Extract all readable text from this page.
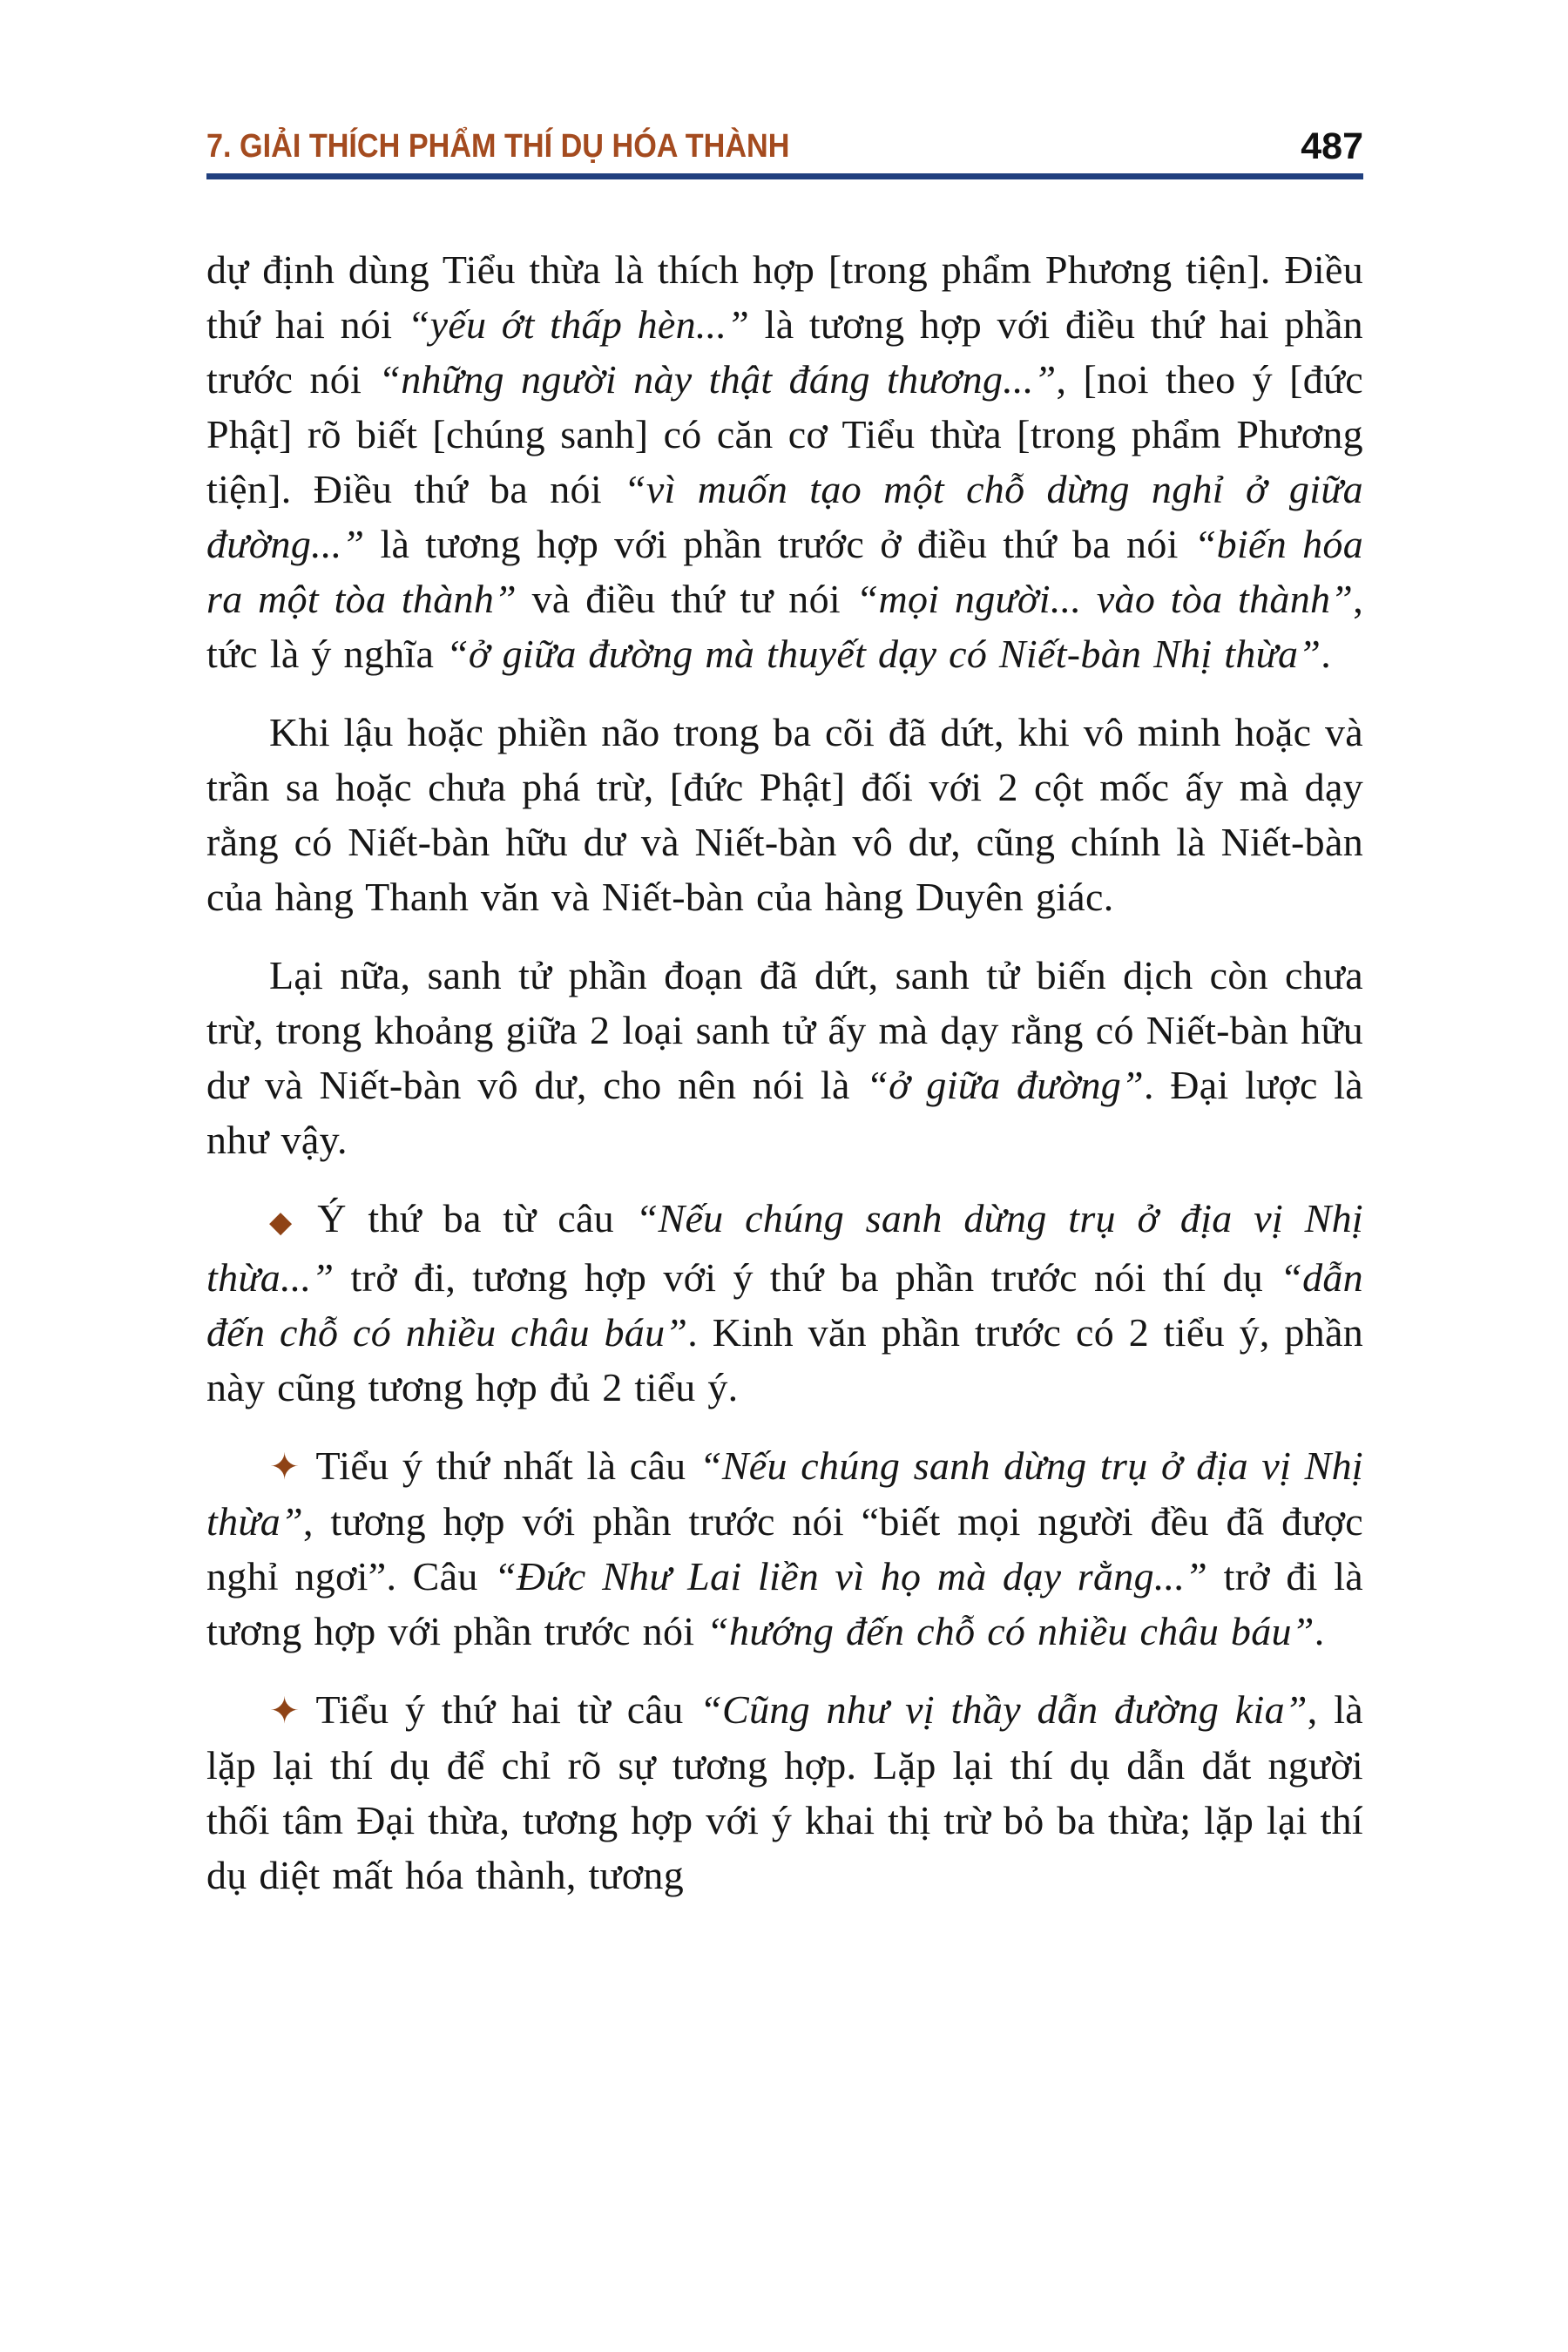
7. GIẢI THÍCH PHẨM THÍ DỤ HÓA THÀNH	487

dự định dùng Tiểu thừa là thích hợp [trong phẩm Phương tiện]. Điều thứ hai nói “yếu ớt thấp hèn...” là tương hợp với điều thứ hai phần trước nói “những người này thật đáng thương...”, [noi theo ý [đức Phật] rõ biết [chúng sanh] có căn cơ Tiểu thừa [trong phẩm Phương tiện]. Điều thứ ba nói “vì muốn tạo một chỗ dừng nghỉ ở giữa đường...” là tương hợp với phần trước ở điều thứ ba nói “biến hóa ra một tòa thành” và điều thứ tư nói “mọi người... vào tòa thành”, tức là ý nghĩa “ở giữa đường mà thuyết dạy có Niết-bàn Nhị thừa”.

Khi lậu hoặc phiền não trong ba cõi đã dứt, khi vô minh hoặc và trần sa hoặc chưa phá trừ, [đức Phật] đối với 2 cột mốc ấy mà dạy rằng có Niết-bàn hữu dư và Niết-bàn vô dư, cũng chính là Niết-bàn của hàng Thanh văn và Niết-bàn của hàng Duyên giác.

Lại nữa, sanh tử phần đoạn đã dứt, sanh tử biến dịch còn chưa trừ, trong khoảng giữa 2 loại sanh tử ấy mà dạy rằng có Niết-bàn hữu dư và Niết-bàn vô dư, cho nên nói là “ở giữa đường”. Đại lược là như vậy.

◆ Ý thứ ba từ câu “Nếu chúng sanh dừng trụ ở địa vị Nhị thừa...” trở đi, tương hợp với ý thứ ba phần trước nói thí dụ “dẫn đến chỗ có nhiều châu báu”. Kinh văn phần trước có 2 tiểu ý, phần này cũng tương hợp đủ 2 tiểu ý.

✦ Tiểu ý thứ nhất là câu “Nếu chúng sanh dừng trụ ở địa vị Nhị thừa”, tương hợp với phần trước nói “biết mọi người đều đã được nghỉ ngơi”. Câu “Đức Như Lai liền vì họ mà dạy rằng...” trở đi là tương hợp với phần trước nói “hướng đến chỗ có nhiều châu báu”.

✦ Tiểu ý thứ hai từ câu “Cũng như vị thầy dẫn đường kia”, là lặp lại thí dụ để chỉ rõ sự tương hợp. Lặp lại thí dụ dẫn dắt người thối tâm Đại thừa, tương hợp với ý khai thị trừ bỏ ba thừa; lặp lại thí dụ diệt mất hóa thành, tương
